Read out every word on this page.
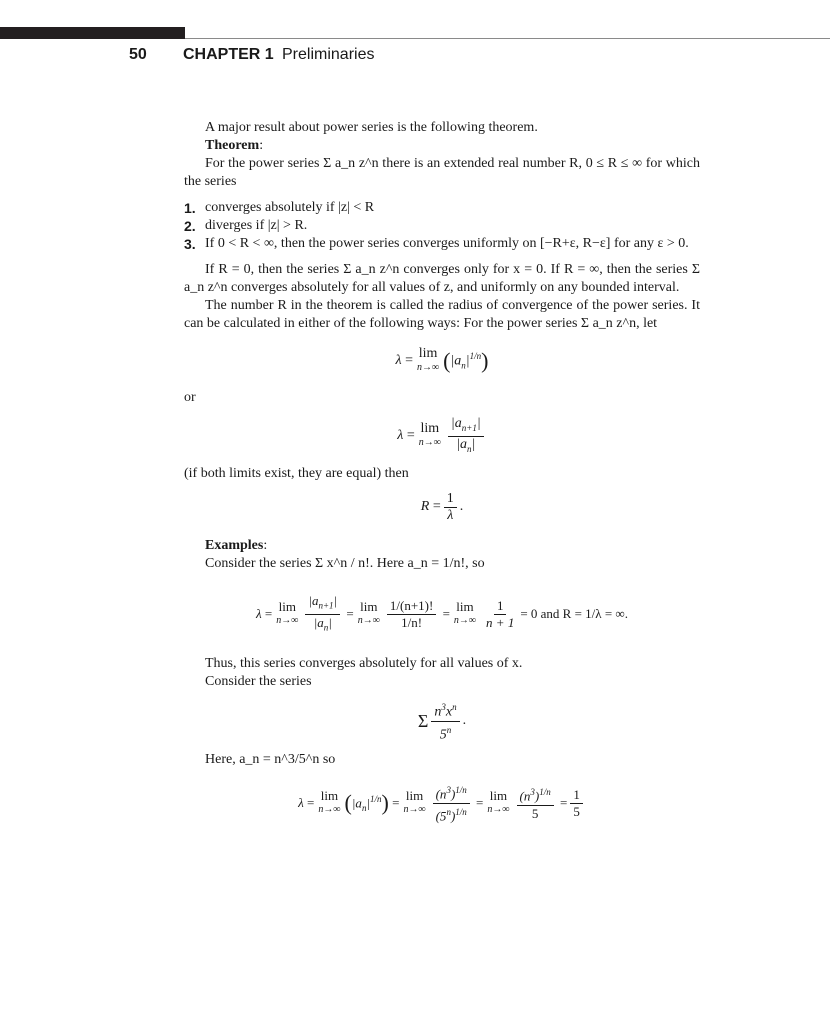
50 CHAPTER 1 Preliminaries

A major result about power series is the following theorem.

Theorem:

For the power series Σ a_n z^n there is an extended real number R, 0 ≤ R ≤ ∞ for which the series

1. converges absolutely if |z| < R
2. diverges if |z| > R.
3. If 0 < R < ∞, then the power series converges uniformly on [−R+ε, R−ε] for any ε > 0.

If R = 0, then the series Σ a_n z^n converges only for x = 0. If R = ∞, then the series Σ a_n z^n converges absolutely for all values of z, and uniformly on any bounded interval.

The number R in the theorem is called the radius of convergence of the power series. It can be calculated in either of the following ways: For the power series Σ a_n z^n, let

λ = lim
n→∞ ( $|a_n|^{1/n}$ )

or

λ = lim
$n\to\infty \frac{|a_{n+1}|}{|a_n|}$

(if both limits exist, they are equal) then

$R = \frac{1}{\lambda}$ .

Examples:

Consider the series Σ x^n / n!. Here a_n = 1/n!, so

λ = lim
$n\to\infty \frac{|a_{n+1}|}{|a_n|} = \lim$
$n\to\infty \frac{1/(n+1)!}{1/n!} = \lim$
$n\to\infty \frac{1}{n + 1} = 0$ and R = 1/λ = ∞.

Thus, this series converges absolutely for all values of x.

Consider the series

Σ $\frac{n^3x^n}{5^n}$ .

Here, a_n = n^3/5^n so

λ = lim
n→∞ ( $|a_n|^{1/n}$ ) = lim
$n\to\infty \frac{(n^3)^{1/n}}{(5^n)^{1/n}} = \lim$
$n\to\infty \frac{(n^3)^{1/n}}{5} = \frac{1}{5}$
